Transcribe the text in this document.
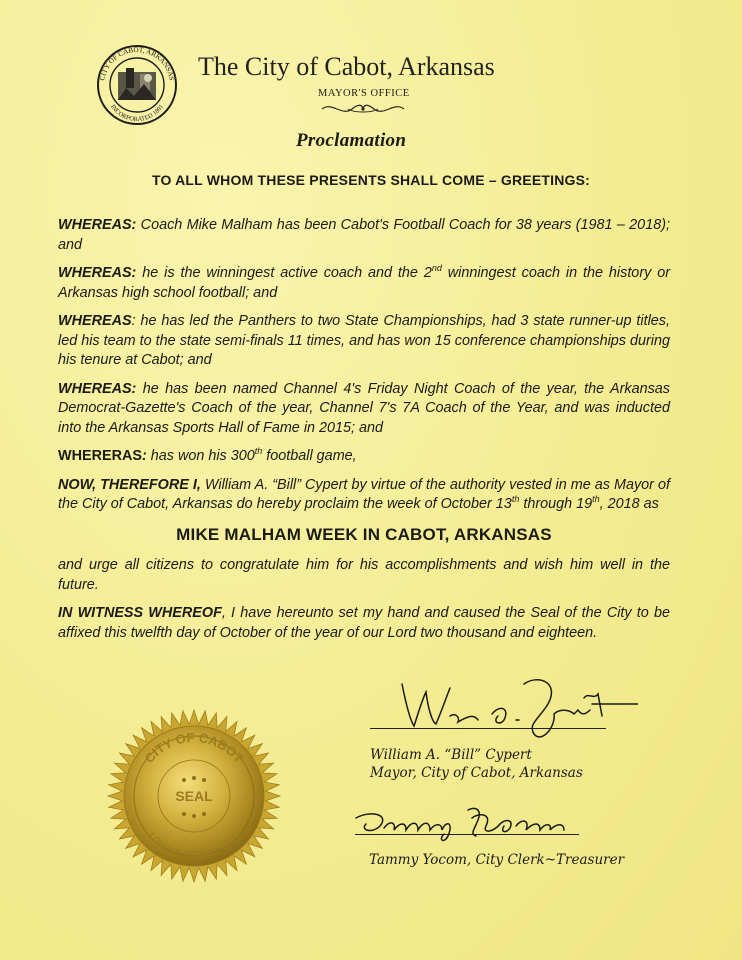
CITY OF CABOT, ARKANSAS
INCORPORATED 1891
The City of Cabot, Arkansas
MAYOR'S OFFICE
Proclamation
TO ALL WHOM THESE PRESENTS SHALL COME – GREETINGS:

WHEREAS: Coach Mike Malham has been Cabot's Football Coach for 38 years (1981 – 2018); and

WHEREAS: he is the winningest active coach and the 2nd winningest coach in the history or Arkansas high school football; and

WHEREAS: he has led the Panthers to two State Championships, had 3 state runner-up titles, led his team to the state semi-finals 11 times, and has won 15 conference championships during his tenure at Cabot; and

WHEREAS: he has been named Channel 4's Friday Night Coach of the year, the Arkansas Democrat-Gazette's Coach of the year, Channel 7's 7A Coach of the Year, and was inducted into the Arkansas Sports Hall of Fame in 2015; and

WHERERAS: has won his 300th football game,

NOW, THEREFORE I, William A. “Bill” Cypert by virtue of the authority vested in me as Mayor of the City of Cabot, Arkansas do hereby proclaim the week of October 13th through 19th, 2018 as

MIKE MALHAM WEEK IN CABOT, ARKANSAS

and urge all citizens to congratulate him for his accomplishments and wish him well in the future.

IN WITNESS WHEREOF, I have hereunto set my hand and caused the Seal of the City to be affixed this twelfth day of October of the year of our Lord two thousand and eighteen.

William A. “Bill” Cypert
Mayor, City of Cabot, Arkansas
Tammy Yocom, City Clerk~Treasurer
CITY OF CABOT
LONOKE COUNTY, ARK.
SEAL
